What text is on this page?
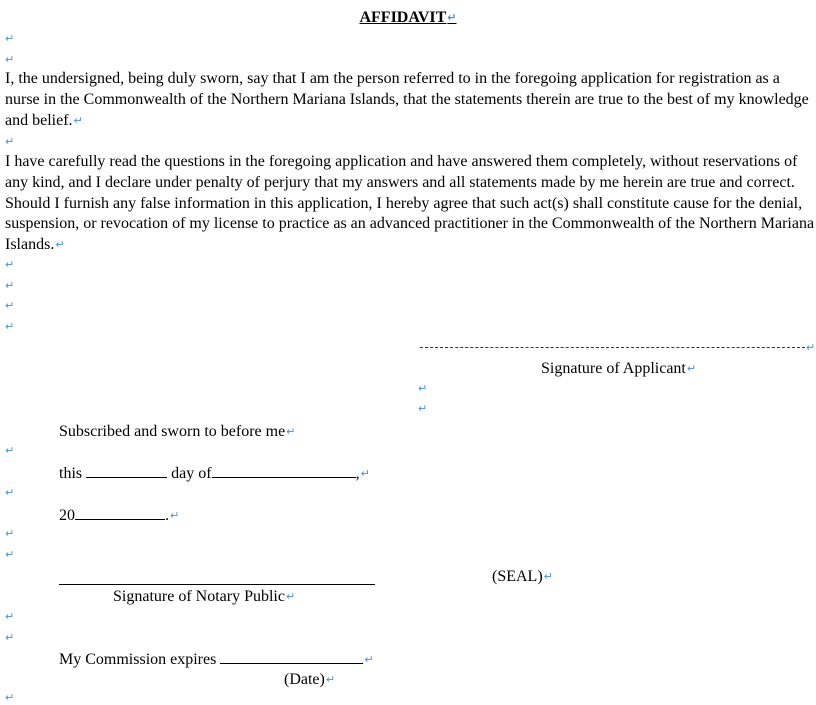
AFFIDAVIT↵
↵
↵
I, the undersigned, being duly sworn, say that I am the person referred to in the foregoing application for registration as a nurse in the Commonwealth of the Northern Mariana Islands, that the statements therein are true to the best of my knowledge and belief.↵
↵
I have carefully read the questions in the foregoing application and have answered them completely, without reservations of any kind, and I declare under penalty of perjury that my answers and all statements made by me herein are true and correct. Should I furnish any false information in this application, I hereby agree that such act(s) shall constitute cause for the denial, suspension, or revocation of my license to practice as an advanced practitioner in the Commonwealth of the Northern Mariana Islands.↵
↵
↵
↵
↵
↵
Signature of Applicant↵
↵
↵
Subscribed and sworn to before me↵
↵
this	day of	,↵
↵
20	.↵
↵
↵
Signature of Notary Public↵
(SEAL)↵
↵
↵
My Commission expires	↵
(Date)↵
↵
